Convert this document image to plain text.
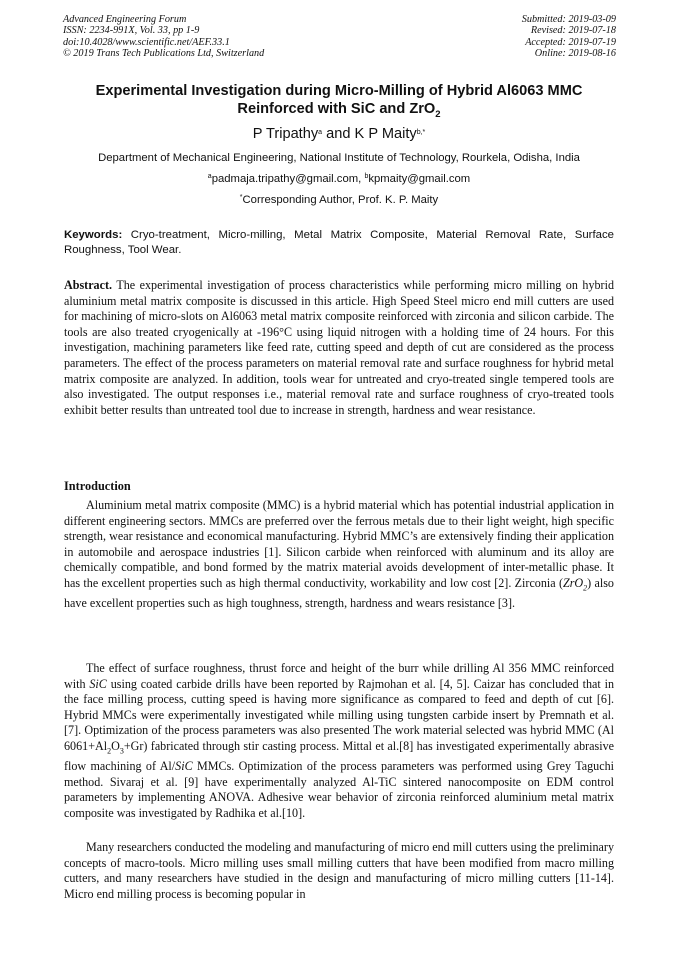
Advanced Engineering Forum
ISSN: 2234-991X, Vol. 33, pp 1-9
doi:10.4028/www.scientific.net/AEF.33.1
© 2019 Trans Tech Publications Ltd, Switzerland
Submitted: 2019-03-09
Revised: 2019-07-18
Accepted: 2019-07-19
Online: 2019-08-16
Experimental Investigation during Micro-Milling of Hybrid Al6063 MMC
Reinforced with SiC and ZrO$_2$
P Tripathy$^a$ and K P Maity$^{b,*}$
Department of Mechanical Engineering, National Institute of Technology, Rourkela, Odisha, India
$^a$padmaja.tripathy@gmail.com, $^b$kpmaity@gmail.com
*Corresponding Author, Prof. K. P. Maity
Keywords: Cryo-treatment, Micro-milling, Metal Matrix Composite, Material Removal Rate, Surface Roughness, Tool Wear.
Abstract. The experimental investigation of process characteristics while performing micro milling on hybrid aluminium metal matrix composite is discussed in this article. High Speed Steel micro end mill cutters are used for machining of micro-slots on Al6063 metal matrix composite reinforced with zirconia and silicon carbide. The tools are also treated cryogenically at -196°C using liquid nitrogen with a holding time of 24 hours. For this investigation, machining parameters like feed rate, cutting speed and depth of cut are considered as the process parameters. The effect of the process parameters on material removal rate and surface roughness for hybrid metal matrix composite are analyzed. In addition, tools wear for untreated and cryo-treated single tempered tools are also investigated. The output responses i.e., material removal rate and surface roughness of cryo-treated tools exhibit better results than untreated tool due to increase in strength, hardness and wear resistance.
Introduction
Aluminium metal matrix composite (MMC) is a hybrid material which has potential industrial application in different engineering sectors. MMCs are preferred over the ferrous metals due to their light weight, high specific strength, wear resistance and economical manufacturing. Hybrid MMC’s are extensively finding their application in automobile and aerospace industries [1]. Silicon carbide when reinforced with aluminum and its alloy are chemically compatible, and bond formed by the matrix material avoids development of inter-metallic phase. It has the excellent properties such as high thermal conductivity, workability and low cost [2]. Zirconia (ZrO$_2$) also have excellent properties such as high toughness, strength, hardness and wears resistance [3].
The effect of surface roughness, thrust force and height of the burr while drilling Al 356 MMC reinforced with SiC using coated carbide drills have been reported by Rajmohan et al. [4, 5]. Caizar has concluded that in the face milling process, cutting speed is having more significance as compared to feed and depth of cut [6]. Hybrid MMCs were experimentally investigated while milling using tungsten carbide insert by Premnath et al. [7]. Optimization of the process parameters was also presented The work material selected was hybrid MMC (Al $6061+Al_2O_3+Gr$) fabricated through stir casting process. Mittal et al.[8] has investigated experimentally abrasive flow machining of Al/SiC MMCs. Optimization of the process parameters was performed using Grey Taguchi method. Sivaraj et al. [9] have experimentally analyzed Al-TiC sintered nanocomposite on EDM control parameters by implementing ANOVA. Adhesive wear behavior of zirconia reinforced aluminium metal matrix composite was investigated by Radhika et al.[10].
Many researchers conducted the modeling and manufacturing of micro end mill cutters using the preliminary concepts of macro-tools. Micro milling uses small milling cutters that have been modified from macro milling cutters, and many researchers have studied in the design and manufacturing of micro milling cutters [11-14]. Micro end milling process is becoming popular in
